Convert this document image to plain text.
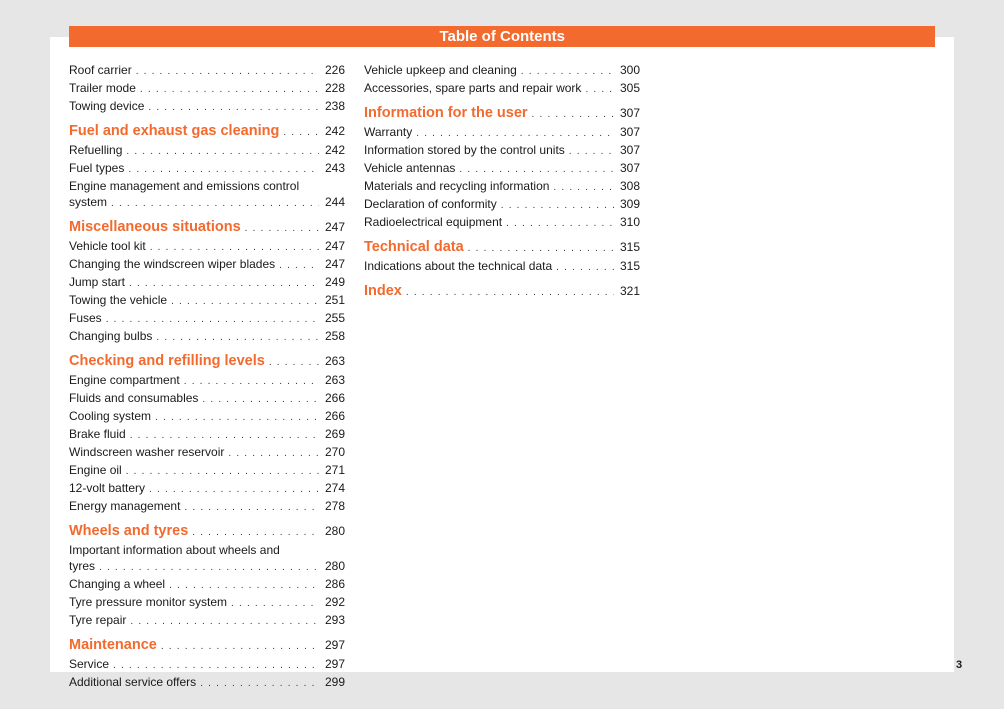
Table of Contents
Roof carrier . . .	226
Trailer mode . . .	228
Towing device . . .	238
Fuel and exhaust gas cleaning . . .	242
Refuelling . . .	242
Fuel types . . .	243
Engine management and emissions control
system . . .	244
Miscellaneous situations . . .	247
Vehicle tool kit . . .	247
Changing the windscreen wiper blades . . .	247
Jump start . . .	249
Towing the vehicle . . .	251
Fuses . . .	255
Changing bulbs . . .	258
Checking and refilling levels . . .	263
Engine compartment . . .	263
Fluids and consumables . . .	266
Cooling system . . .	266
Brake fluid . . .	269
Windscreen washer reservoir . . .	270
Engine oil . . .	271
12-volt battery . . .	274
Energy management . . .	278
Wheels and tyres . . .	280
Important information about wheels and
tyres . . .	280
Changing a wheel . . .	286
Tyre pressure monitor system . . .	292
Tyre repair . . .	293
Maintenance . . .	297
Service . . .	297
Additional service offers . . .	299
Vehicle upkeep and cleaning . . .	300
Accessories, spare parts and repair work . . .	305
Information for the user . . .	307
Warranty . . .	307
Information stored by the control units . . .	307
Vehicle antennas . . .	307
Materials and recycling information . . .	308
Declaration of conformity . . .	309
Radioelectrical equipment . . .	310
Technical data . . .	315
Indications about the technical data . . .	315
Index . . .	321
3
